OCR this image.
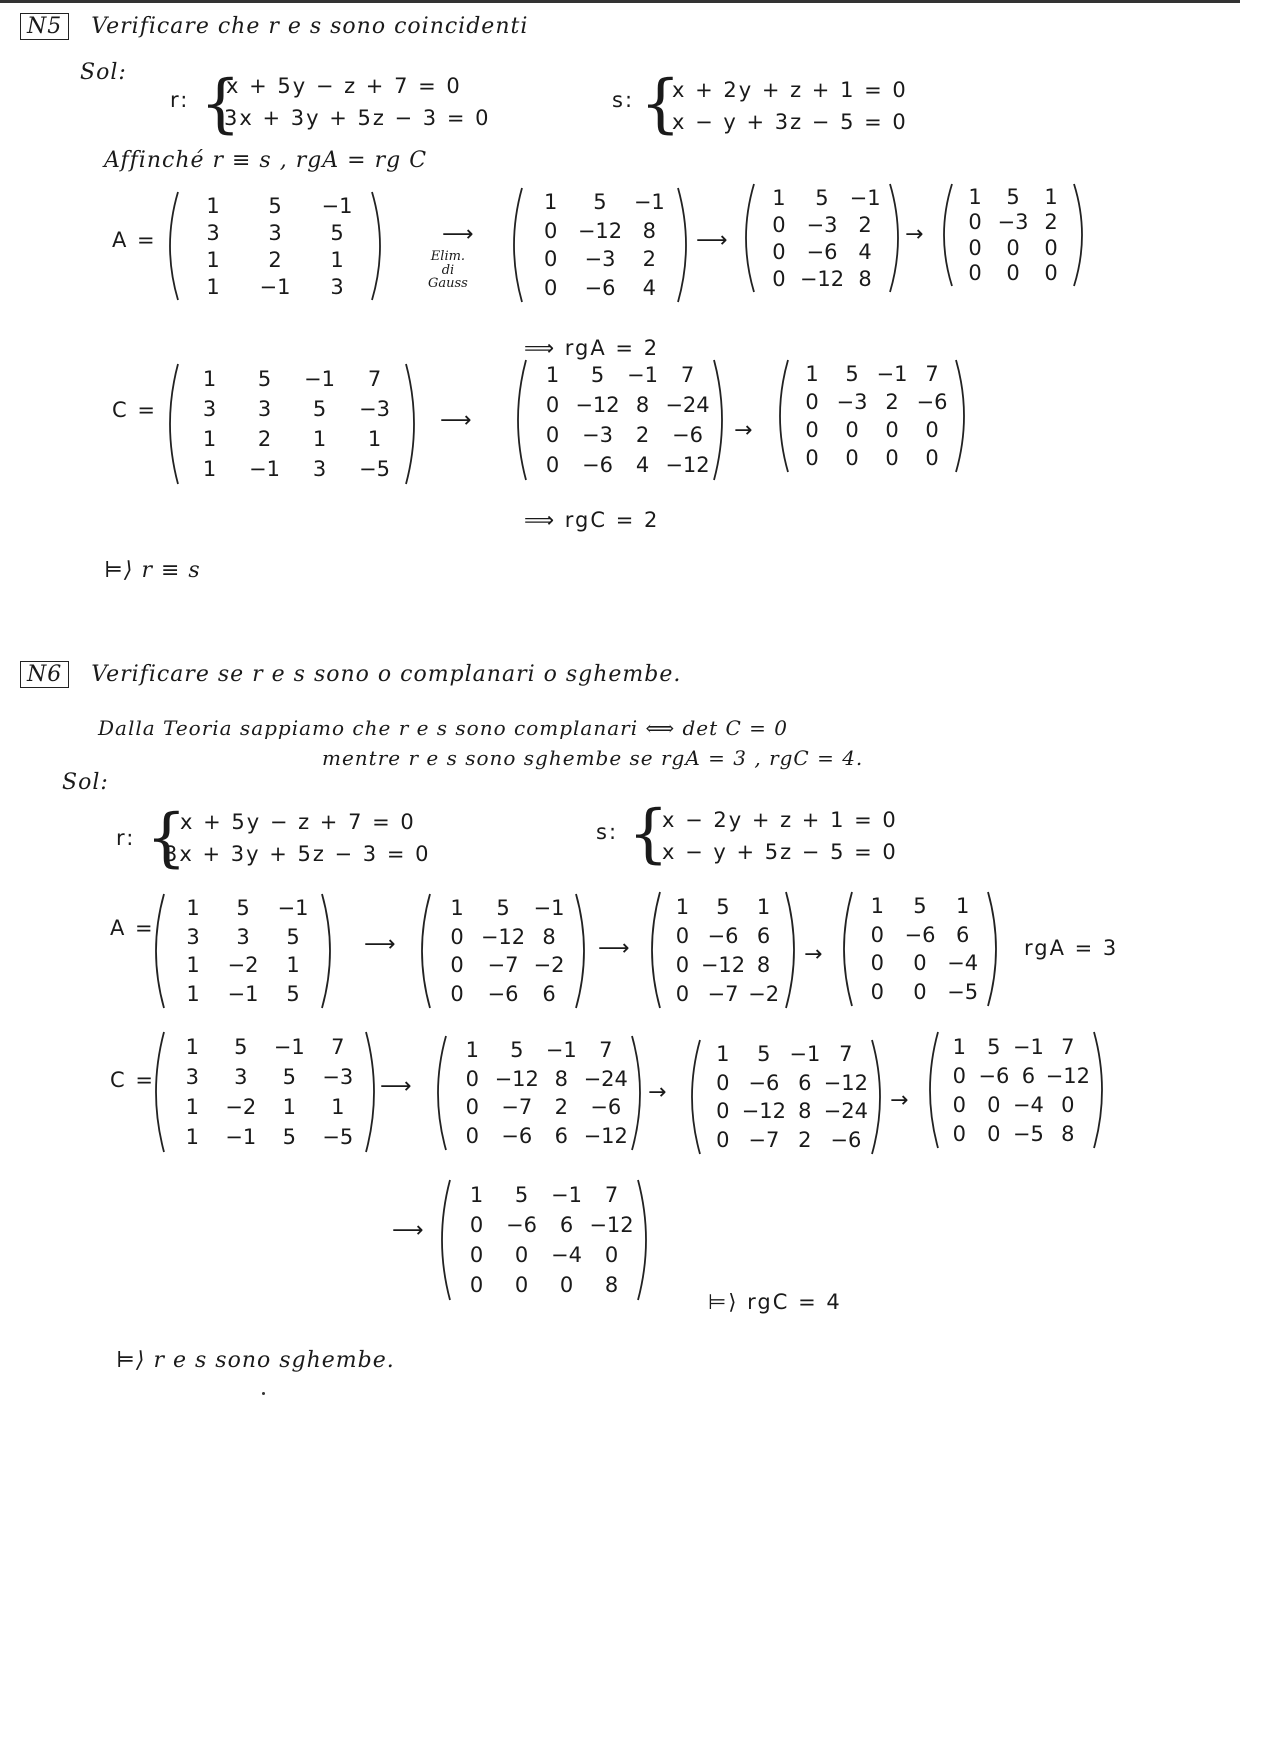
N5 Verificare che r e s sono coincidenti
Sol:
r: {
x + 5y − z + 7 = 0
3x + 3y + 5z − 3 = 0
s: {
x + 2y + z + 1 = 0
x − y + 3z − 5 = 0
Affinché r ≡ s , rgA = rg C
A =
1	5	−1
3	3	5
1	2	1
1	−1	3
⟶
Elim.
di
Gauss
1	5	−1
0 −12 8
0	−3	2
0	−6	4
⟶
1	5 −1
0 −3 2
0 −6 4
0 −12 8
→
1	5	1
0 −3 2
0	0	0
0	0	0
⟹ rgA = 2
C =
1	5	−1	7
3	3	5	−3
1	2	1	1
1	−1	3	−5
⟶
1	5	−1	7
0 −12 8 −24
0	−3	2	−6
0	−6	4 −12
→
1	5 −1 7
0 −3 2 −6
0	0	0	0
0	0	0	0
⟹ rgC = 2
⊨⟩ r ≡ s
N6 Verificare se r e s sono o complanari o sghembe.
Dalla Teoria sappiamo che r e s sono complanari ⟺ det C = 0
mentre r e s sono sghembe se rgA = 3 , rgC = 4.
Sol:
r: {
x + 5y − z + 7 = 0
3x + 3y + 5z − 3 = 0
s: {
x − 2y + z + 1 = 0
x − y + 5z − 5 = 0
A =
1	5	−1
3	3	5
1	−2	1
1	−1	5
⟶
1	5	−1
0 −12 8
0	−7 −2
0	−6	6
⟶
1	5	1
0 −6 6
0 −12 8
0 −7 −2
→
1	5	1
0 −6 6
0	0 −4
0	0 −5
rgA = 3
C =
1	5	−1	7
3	3	5	−3
1	−2	1	1
1	−1	5	−5
⟶
1	5	−1	7
0 −12 8 −24
0	−7	2	−6
0	−6	6 −12
→
1	5 −1 7
0 −6 6 −12
0 −12 8 −24
0 −7 2 −6
→
1	5 −1 7
0 −6 6 −12
0	0 −4 0
0	0 −5 8
⟶
1	5	−1	7
0	−6	6 −12
0	0	−4	0
0	0	0	8
⊨⟩ rgC = 4
⊨⟩ r e s sono sghembe.
